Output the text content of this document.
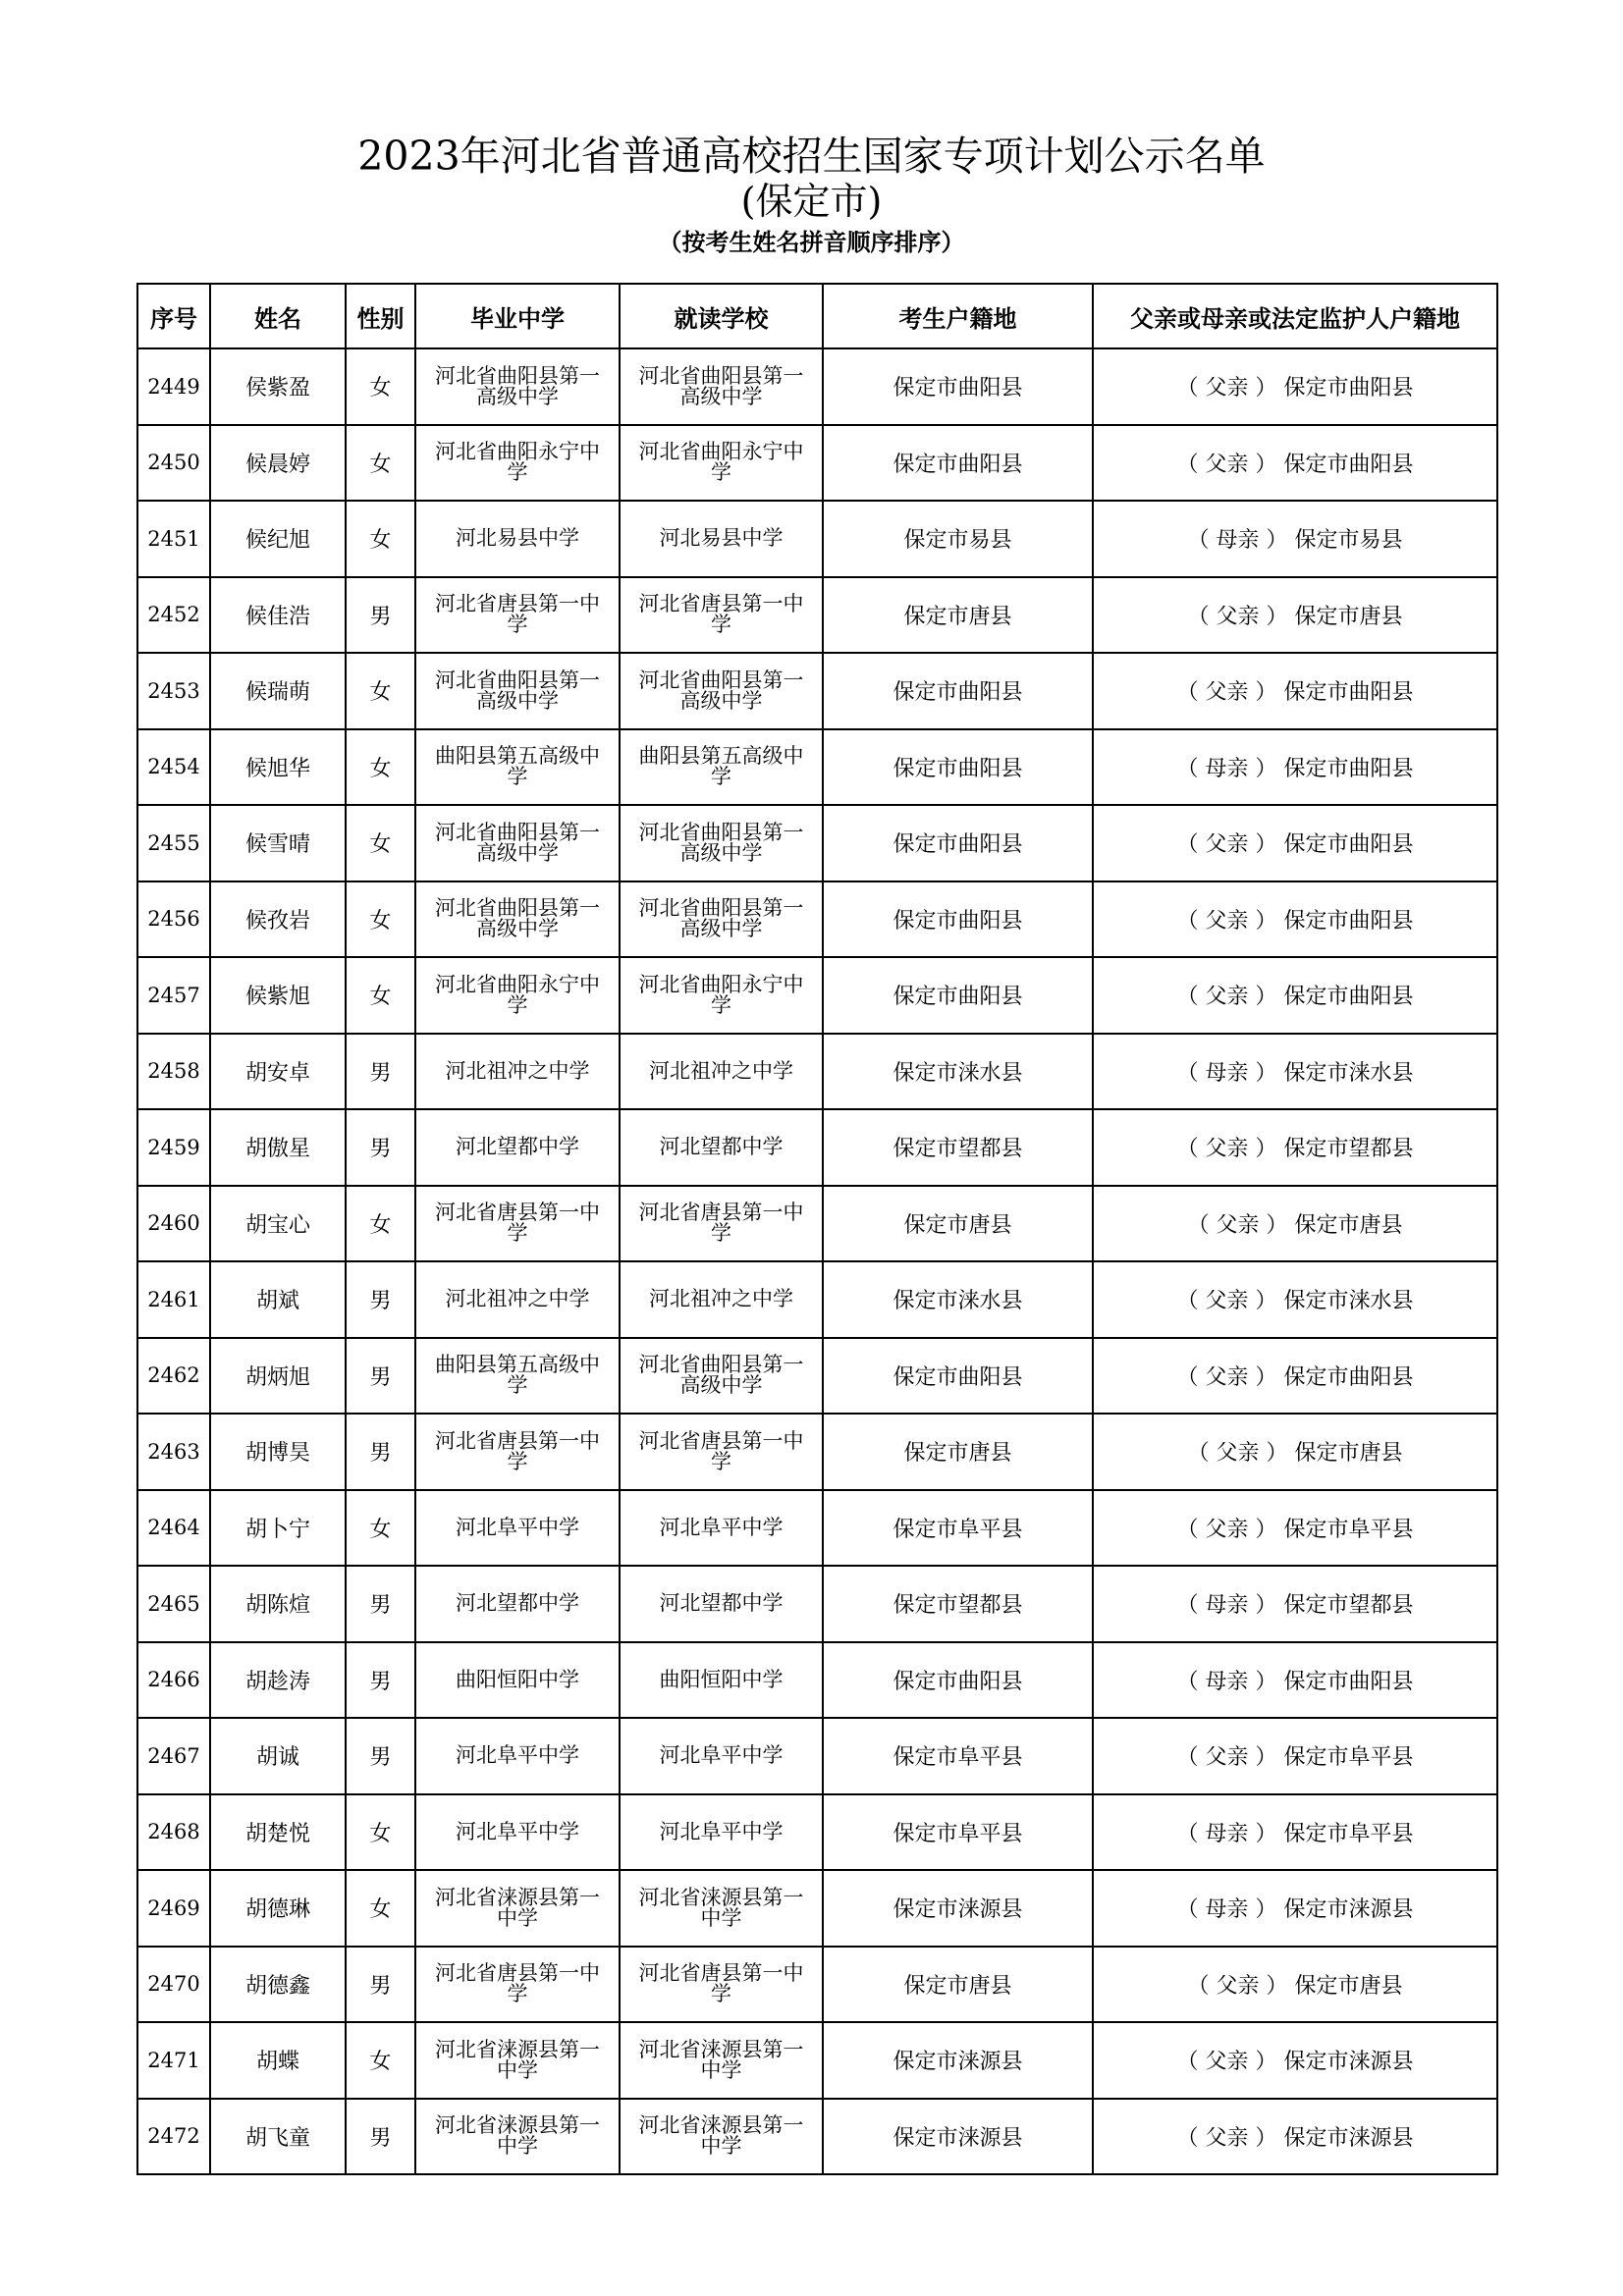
2023年河北省普通高校招生国家专项计划公示名单
(保定市)
（按考生姓名拼音顺序排序）
序号	姓名	性别	毕业中学	就读学校	考生户籍地	父亲或母亲或法定监护人户籍地
2449	侯紫盈	女	河北省曲阳县第一高级中学	河北省曲阳县第一高级中学	保定市曲阳县	（ 父亲 ） 保定市曲阳县
2450	候晨婷	女	河北省曲阳永宁中学	河北省曲阳永宁中学	保定市曲阳县	（ 父亲 ） 保定市曲阳县
2451	候纪旭	女	河北易县中学	河北易县中学	保定市易县	（ 母亲 ） 保定市易县
2452	候佳浩	男	河北省唐县第一中学	河北省唐县第一中学	保定市唐县	（ 父亲 ） 保定市唐县
2453	候瑞萌	女	河北省曲阳县第一高级中学	河北省曲阳县第一高级中学	保定市曲阳县	（ 父亲 ） 保定市曲阳县
2454	候旭华	女	曲阳县第五高级中学	曲阳县第五高级中学	保定市曲阳县	（ 母亲 ） 保定市曲阳县
2455	候雪晴	女	河北省曲阳县第一高级中学	河北省曲阳县第一高级中学	保定市曲阳县	（ 父亲 ） 保定市曲阳县
2456	候孜岩	女	河北省曲阳县第一高级中学	河北省曲阳县第一高级中学	保定市曲阳县	（ 父亲 ） 保定市曲阳县
2457	候紫旭	女	河北省曲阳永宁中学	河北省曲阳永宁中学	保定市曲阳县	（ 父亲 ） 保定市曲阳县
2458	胡安卓	男	河北祖冲之中学	河北祖冲之中学	保定市涞水县	（ 母亲 ） 保定市涞水县
2459	胡傲星	男	河北望都中学	河北望都中学	保定市望都县	（ 父亲 ） 保定市望都县
2460	胡宝心	女	河北省唐县第一中学	河北省唐县第一中学	保定市唐县	（ 父亲 ） 保定市唐县
2461	胡斌	男	河北祖冲之中学	河北祖冲之中学	保定市涞水县	（ 父亲 ） 保定市涞水县
2462	胡炳旭	男	曲阳县第五高级中学	河北省曲阳县第一高级中学	保定市曲阳县	（ 父亲 ） 保定市曲阳县
2463	胡博昊	男	河北省唐县第一中学	河北省唐县第一中学	保定市唐县	（ 父亲 ） 保定市唐县
2464	胡卜宁	女	河北阜平中学	河北阜平中学	保定市阜平县	（ 父亲 ） 保定市阜平县
2465	胡陈煊	男	河北望都中学	河北望都中学	保定市望都县	（ 母亲 ） 保定市望都县
2466	胡趁涛	男	曲阳恒阳中学	曲阳恒阳中学	保定市曲阳县	（ 母亲 ） 保定市曲阳县
2467	胡诚	男	河北阜平中学	河北阜平中学	保定市阜平县	（ 父亲 ） 保定市阜平县
2468	胡楚悦	女	河北阜平中学	河北阜平中学	保定市阜平县	（ 母亲 ） 保定市阜平县
2469	胡德琳	女	河北省涞源县第一中学	河北省涞源县第一中学	保定市涞源县	（ 母亲 ） 保定市涞源县
2470	胡德鑫	男	河北省唐县第一中学	河北省唐县第一中学	保定市唐县	（ 父亲 ） 保定市唐县
2471	胡蝶	女	河北省涞源县第一中学	河北省涞源县第一中学	保定市涞源县	（ 父亲 ） 保定市涞源县
2472	胡飞童	男	河北省涞源县第一中学	河北省涞源县第一中学	保定市涞源县	（ 父亲 ） 保定市涞源县
